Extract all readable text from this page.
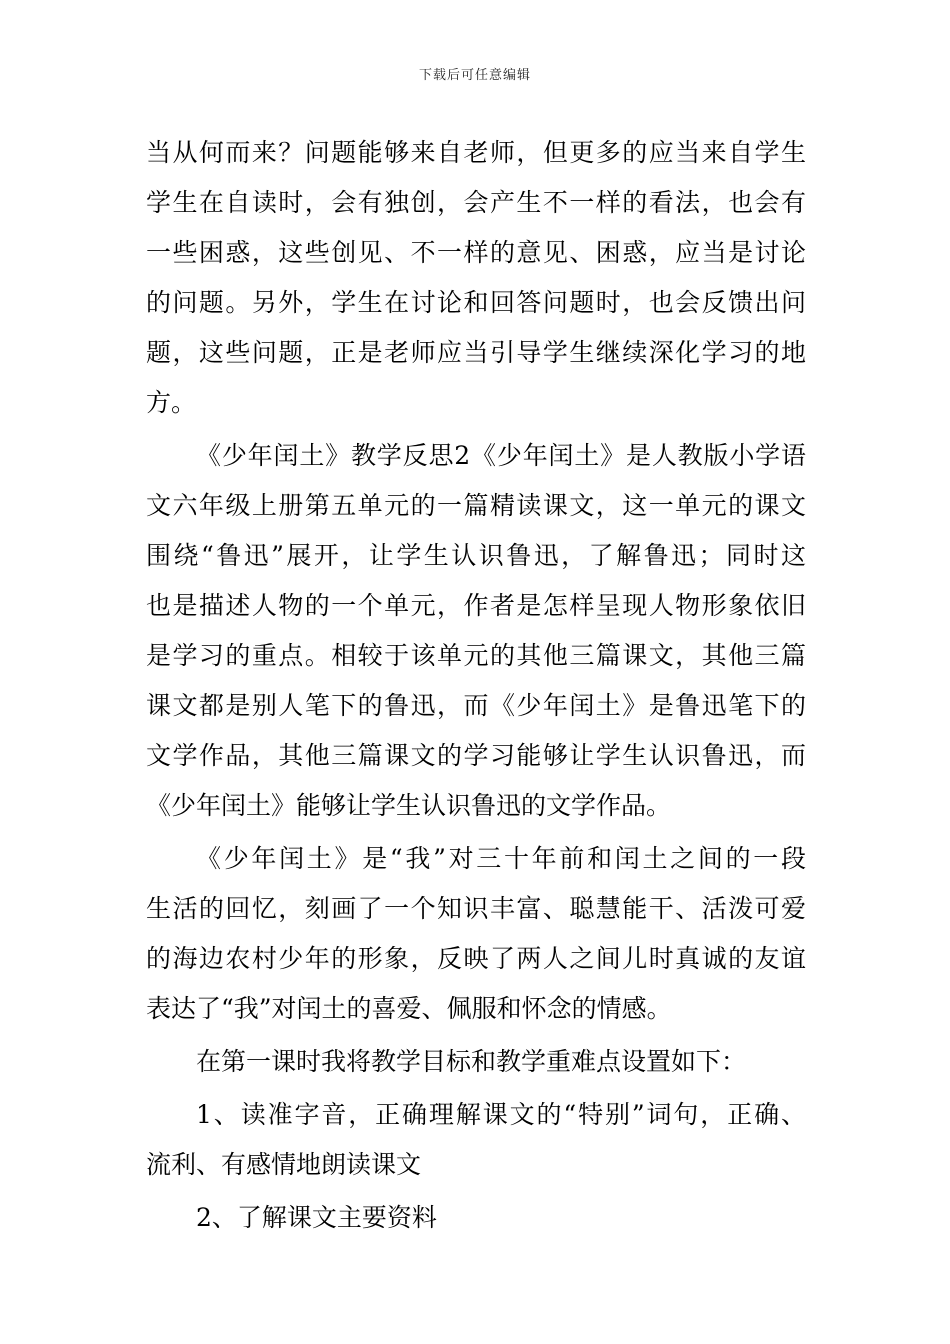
下载后可任意编辑
当从何而来？问题能够来自老师，但更多的应当来自学生
学生在自读时，会有独创，会产生不一样的看法，也会有
一些困惑，这些创见、不一样的意见、困惑，应当是讨论
的问题。另外，学生在讨论和回答问题时，也会反馈出问
题，这些问题，正是老师应当引导学生继续深化学习的地
方。
《少年闰土》教学反思2《少年闰土》是人教版小学语
文六年级上册第五单元的一篇精读课文，这一单元的课文
围绕“鲁迅”展开，让学生认识鲁迅，了解鲁迅；同时这
也是描述人物的一个单元，作者是怎样呈现人物形象依旧
是学习的重点。相较于该单元的其他三篇课文，其他三篇
课文都是别人笔下的鲁迅，而《少年闰土》是鲁迅笔下的
文学作品，其他三篇课文的学习能够让学生认识鲁迅，而
《少年闰土》能够让学生认识鲁迅的文学作品。
《少年闰土》是“我”对三十年前和闰土之间的一段
生活的回忆，刻画了一个知识丰富、聪慧能干、活泼可爱
的海边农村少年的形象，反映了两人之间儿时真诚的友谊
表达了“我”对闰土的喜爱、佩服和怀念的情感。
在第一课时我将教学目标和教学重难点设置如下：
1、读准字音，正确理解课文的“特别”词句，正确、
流利、有感情地朗读课文
2、了解课文主要资料
